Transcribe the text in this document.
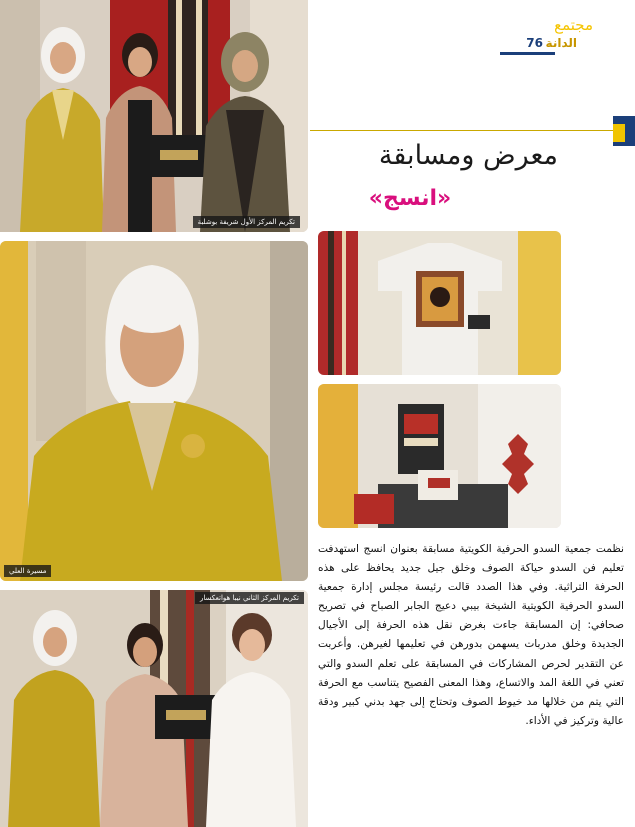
مجتمع
76 الدانة
معرض ومسابقة
«انسج»
تكريم المركز الأول شريفة بوشلبة
مسيرة العلي
تكريم المركز الثاني نيبا هواتعكسار
نظمت جمعية السدو الحرفية الكويتية مسابقة بعنوان انسج استهدفت تعليم فن السدو حياكة الصوف وخلق جيل جديد يحافظ على هذه الحرفة التراثية. وفي هذا الصدد قالت رئيسة مجلس إدارة جمعية السدو الحرفية الكويتية الشيخة بيبي دعيج الجابر الصباح في تصريح صحافي: إن المسابقة جاءت بغرض نقل هذه الحرفة إلى الأجيال الجديدة وخلق مدربات يسهمن بدورهن في تعليمها لغيرهن. وأعربت عن التقدير لحرص المشاركات في المسابقة على تعلم السدو والتي تعني في اللغة المد والاتساع، وهذا المعنى الفصيح يتناسب مع الحرفة التي يتم من خلالها مد خيوط الصوف وتحتاج إلى جهد بدني كبير ودقة عالية وتركيز في الأداء.
